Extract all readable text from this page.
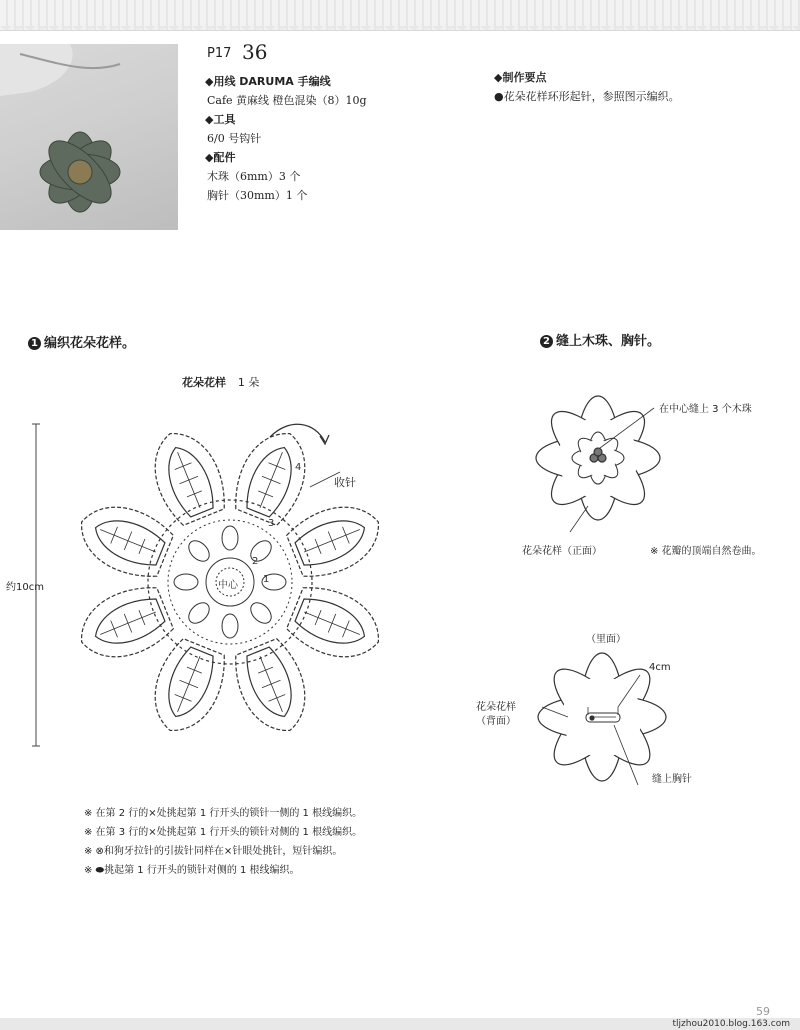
P17 36
◆用线 DARUMA 手编线
Cafe 黄麻线 橙色混染（8）10g
◆工具
6/0 号钩针
◆配件
木珠（6mm）3 个
胸针（30mm）1 个
◆制作要点
●花朵花样环形起针，参照图示编织。
1 编织花朵花样。
花朵花样 1 朵
约10cm	中心
1
2
3
4
收针
2 缝上木珠、胸针。
在中心缝上 3 个木珠
花朵花样（正面）	※ 花瓣的顶端自然卷曲。
（里面）
4cm
花朵花样
（背面）
缝上胸针
※ 在第 2 行的⨯处挑起第 1 行开头的锁针一侧的 1 根线编织。
※ 在第 3 行的⨯处挑起第 1 行开头的锁针对侧的 1 根线编织。
※ ⊗和狗牙拉针的引拔针同样在⨯针眼处挑针，短针编织。
※ ⬬挑起第 1 行开头的锁针对侧的 1 根线编织。
59
tljzhou2010.blog.163.com
